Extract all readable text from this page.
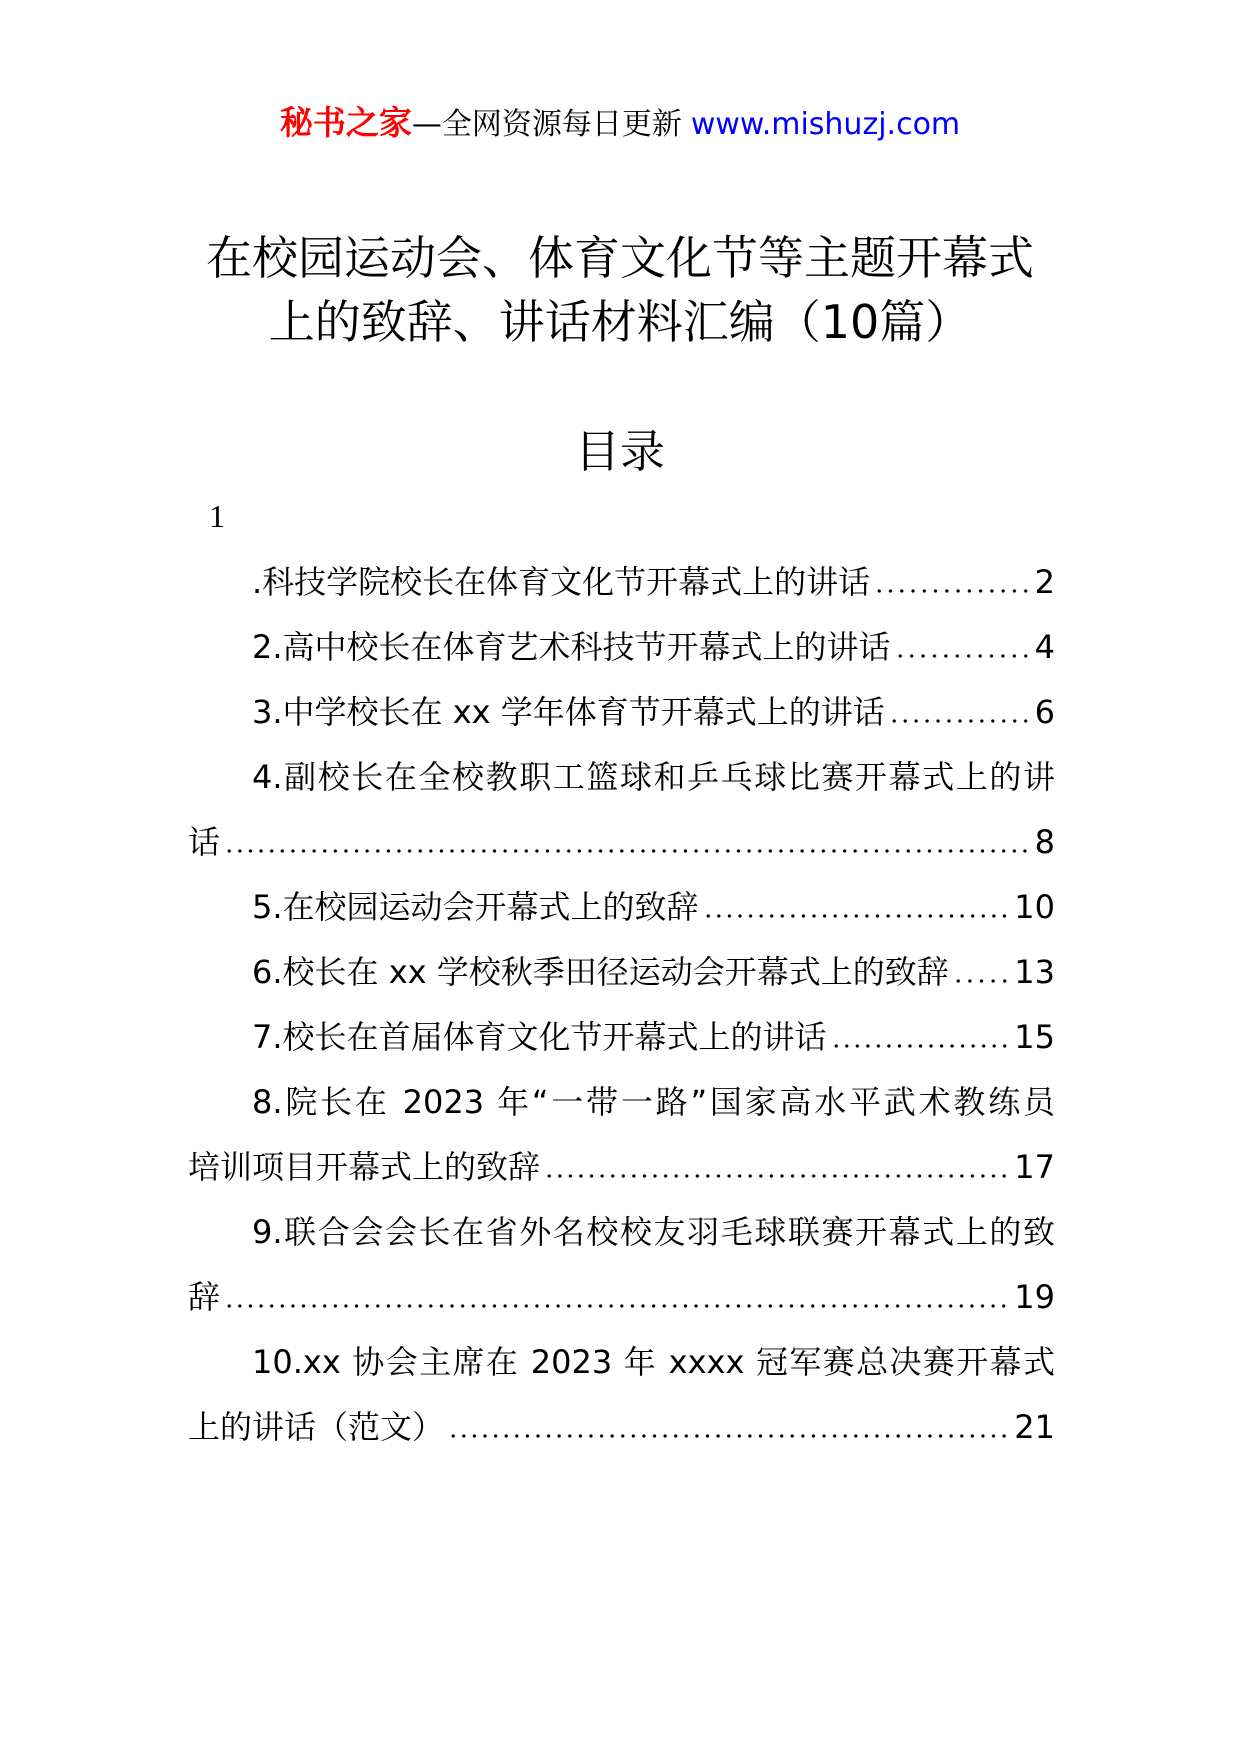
秘书之家—全网资源每日更新 www.mishuzj.com
在校园运动会、体育文化节等主题开幕式
上的致辞、讲话材料汇编（10篇）
目录
1
.科技学院校长在体育文化节开幕式上的讲话	2
2.高中校长在体育艺术科技节开幕式上的讲话	4
3.中学校长在 xx 学年体育节开幕式上的讲话	6
4.副校长在全校教职工篮球和乒乓球比赛开幕式上的讲
话	8
5.在校园运动会开幕式上的致辞	10
6.校长在 xx 学校秋季田径运动会开幕式上的致辞 13
7.校长在首届体育文化节开幕式上的讲话	15
8.院长在 2023 年“一带一路”国家高水平武术教练员
培训项目开幕式上的致辞	17
9.联合会会长在省外名校校友羽毛球联赛开幕式上的致
辞	19
10.xx 协会主席在 2023 年 xxxx 冠军赛总决赛开幕式
上的讲话（范文）	21
